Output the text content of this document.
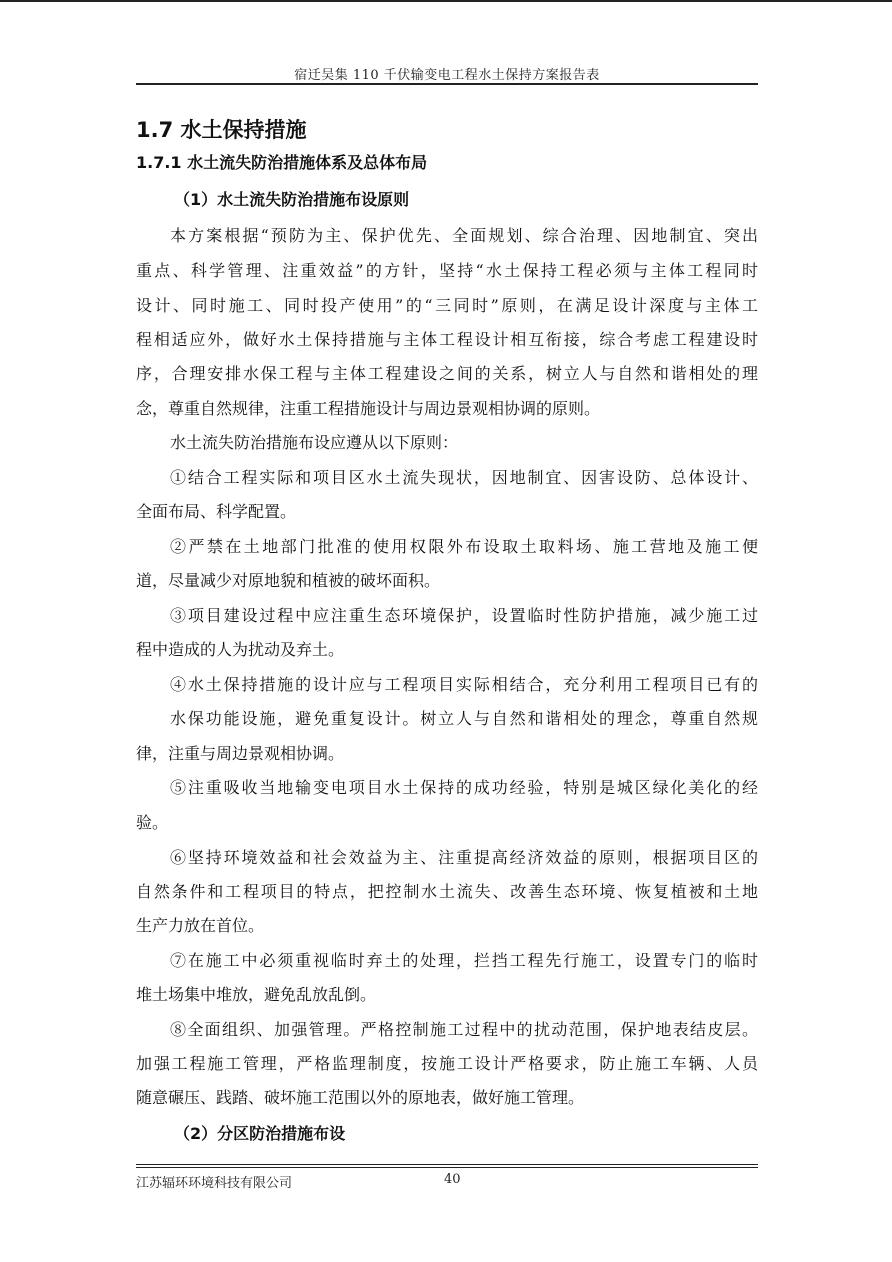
宿迁吴集 110 千伏输变电工程水土保持方案报告表
1.7 水土保持措施
1.7.1 水土流失防治措施体系及总体布局
（1）水土流失防治措施布设原则
本方案根据“预防为主、保护优先、全面规划、综合治理、因地制宜、突出
重点、科学管理、注重效益”的方针，坚持“水土保持工程必须与主体工程同时
设计、同时施工、同时投产使用”的“三同时”原则，在满足设计深度与主体工
程相适应外，做好水土保持措施与主体工程设计相互衔接，综合考虑工程建设时
序，合理安排水保工程与主体工程建设之间的关系，树立人与自然和谐相处的理
念，尊重自然规律，注重工程措施设计与周边景观相协调的原则。
水土流失防治措施布设应遵从以下原则：
①结合工程实际和项目区水土流失现状，因地制宜、因害设防、总体设计、
全面布局、科学配置。
②严禁在土地部门批准的使用权限外布设取土取料场、施工营地及施工便
道，尽量减少对原地貌和植被的破坏面积。
③项目建设过程中应注重生态环境保护，设置临时性防护措施，减少施工过
程中造成的人为扰动及弃土。
④水土保持措施的设计应与工程项目实际相结合，充分利用工程项目已有的
水保功能设施，避免重复设计。树立人与自然和谐相处的理念，尊重自然规
律，注重与周边景观相协调。
⑤注重吸收当地输变电项目水土保持的成功经验，特别是城区绿化美化的经
验。
⑥坚持环境效益和社会效益为主、注重提高经济效益的原则，根据项目区的
自然条件和工程项目的特点，把控制水土流失、改善生态环境、恢复植被和土地
生产力放在首位。
⑦在施工中必须重视临时弃土的处理，拦挡工程先行施工，设置专门的临时
堆土场集中堆放，避免乱放乱倒。
⑧全面组织、加强管理。严格控制施工过程中的扰动范围，保护地表结皮层。
加强工程施工管理，严格监理制度，按施工设计严格要求，防止施工车辆、人员
随意碾压、践踏、破坏施工范围以外的原地表，做好施工管理。
（2）分区防治措施布设
江苏辐环环境科技有限公司	40
